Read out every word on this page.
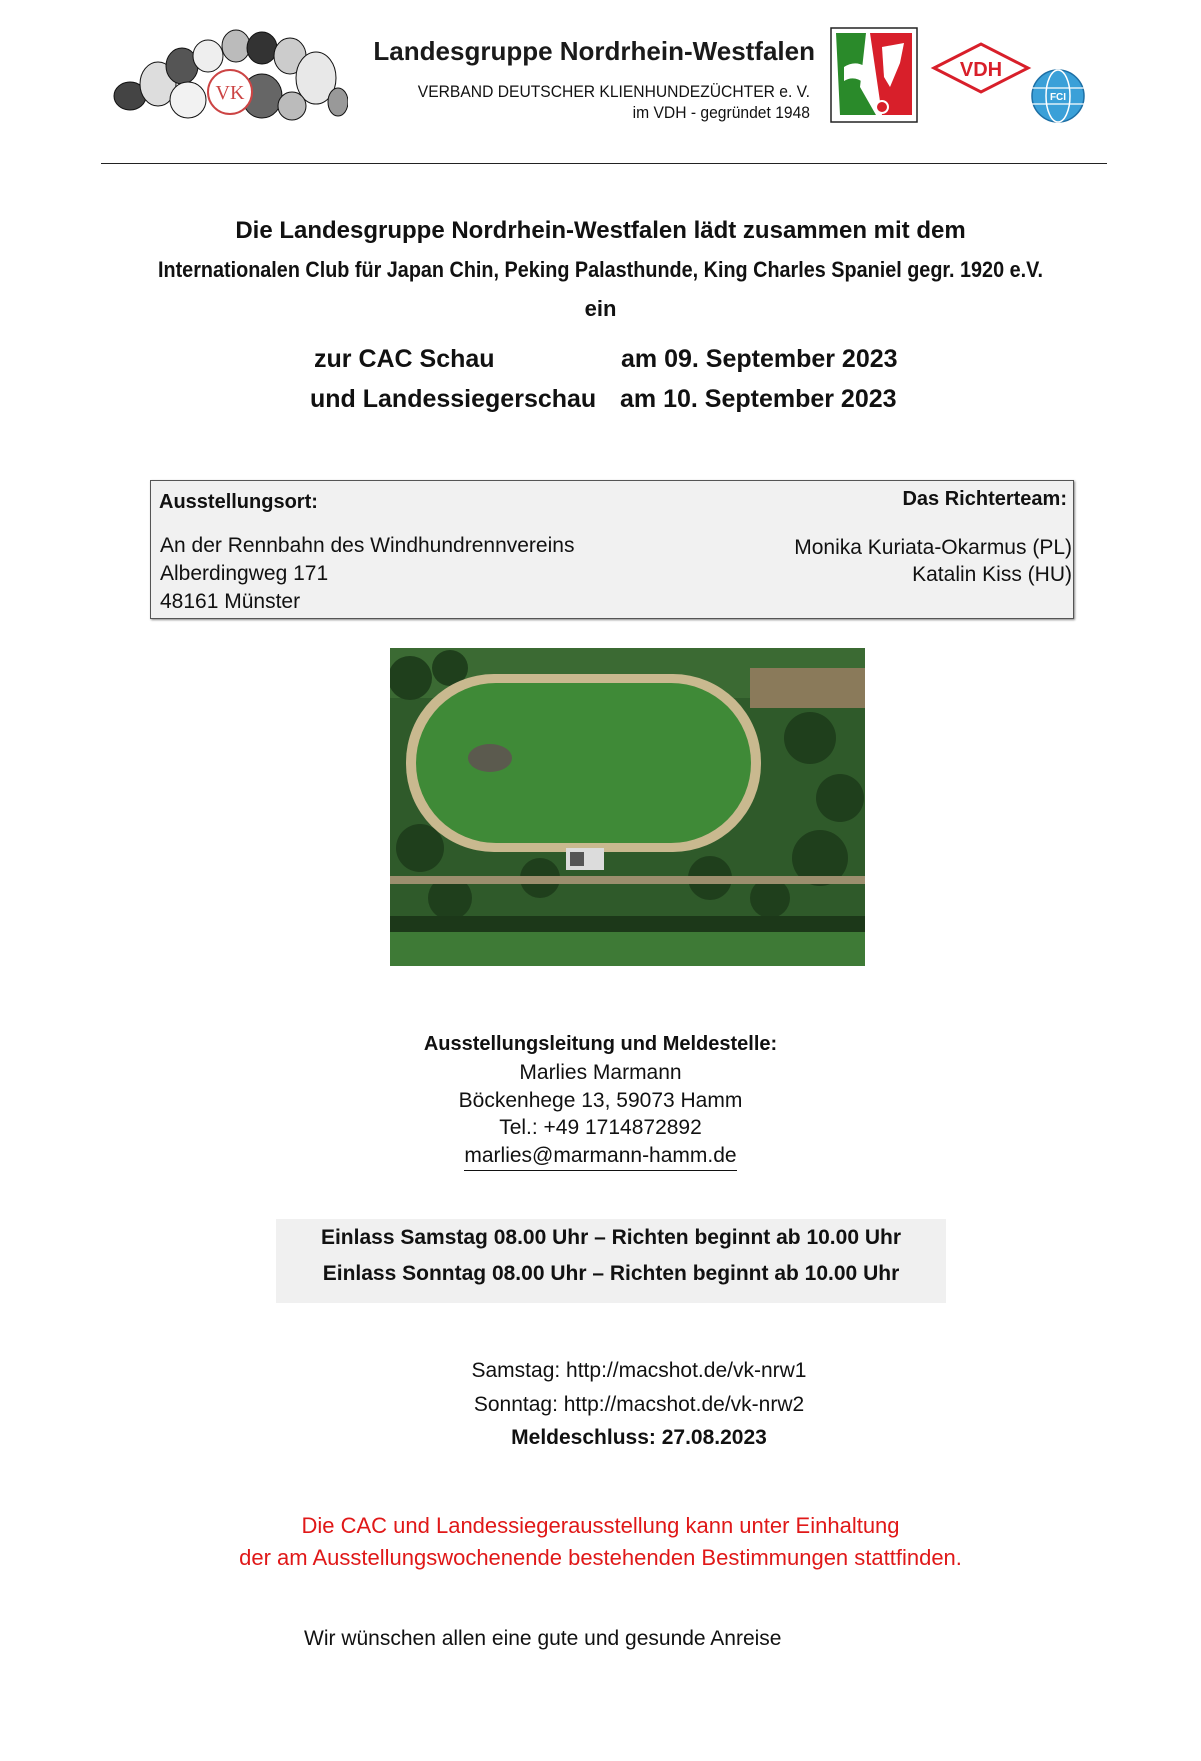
VK
Landesgruppe Nordrhein-Westfalen
VERBAND DEUTSCHER KLIENHUNDEZÜCHTER e. V.
im VDH - gegründet 1948
VDH
FCI
Die Landesgruppe Nordrhein-Westfalen lädt zusammen mit dem
Internationalen Club für Japan Chin, Peking Palasthunde, King Charles Spaniel gegr. 1920 e.V.
ein
zur CAC Schau	am 09. September 2023
und Landessiegerschau am 10. September 2023
Ausstellungsort:	Das Richterteam:
An der Rennbahn des Windhundrennvereins
Alberdingweg 171
48161 Münster
Monika Kuriata-Okarmus (PL)
Katalin Kiss (HU)
Ausstellungsleitung und Meldestelle:
Marlies Marmann
Böckenhege 13, 59073 Hamm
Tel.: +49 1714872892
marlies@marmann-hamm.de
Einlass Samstag 08.00 Uhr – Richten beginnt ab 10.00 Uhr
Einlass Sonntag 08.00 Uhr – Richten beginnt ab 10.00 Uhr
Samstag: http://macshot.de/vk-nrw1
Sonntag: http://macshot.de/vk-nrw2
Meldeschluss: 27.08.2023
Die CAC und Landessiegerausstellung kann unter Einhaltung
der am Ausstellungswochenende bestehenden Bestimmungen stattfinden.
Wir wünschen allen eine gute und gesunde Anreise
